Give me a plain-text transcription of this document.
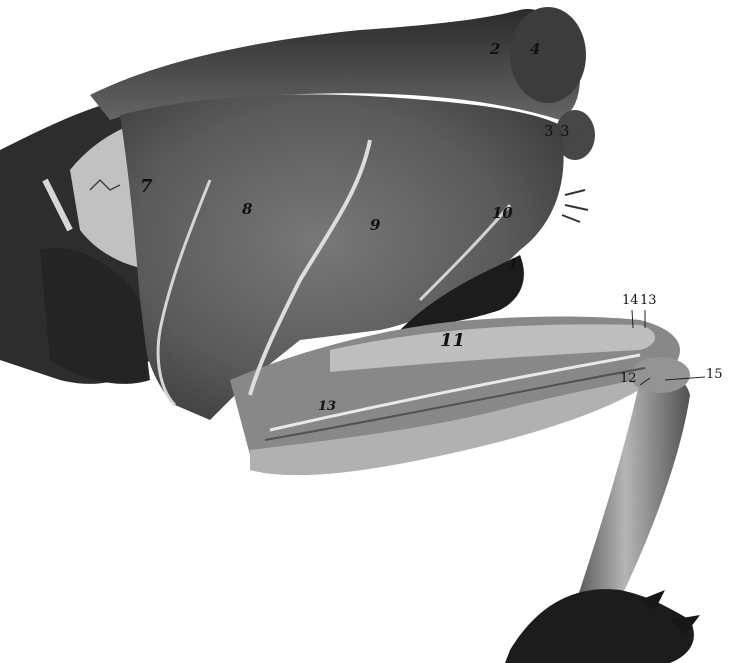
2 4
3 3
7
8
9
10
1
11
14 13
15
12
13
